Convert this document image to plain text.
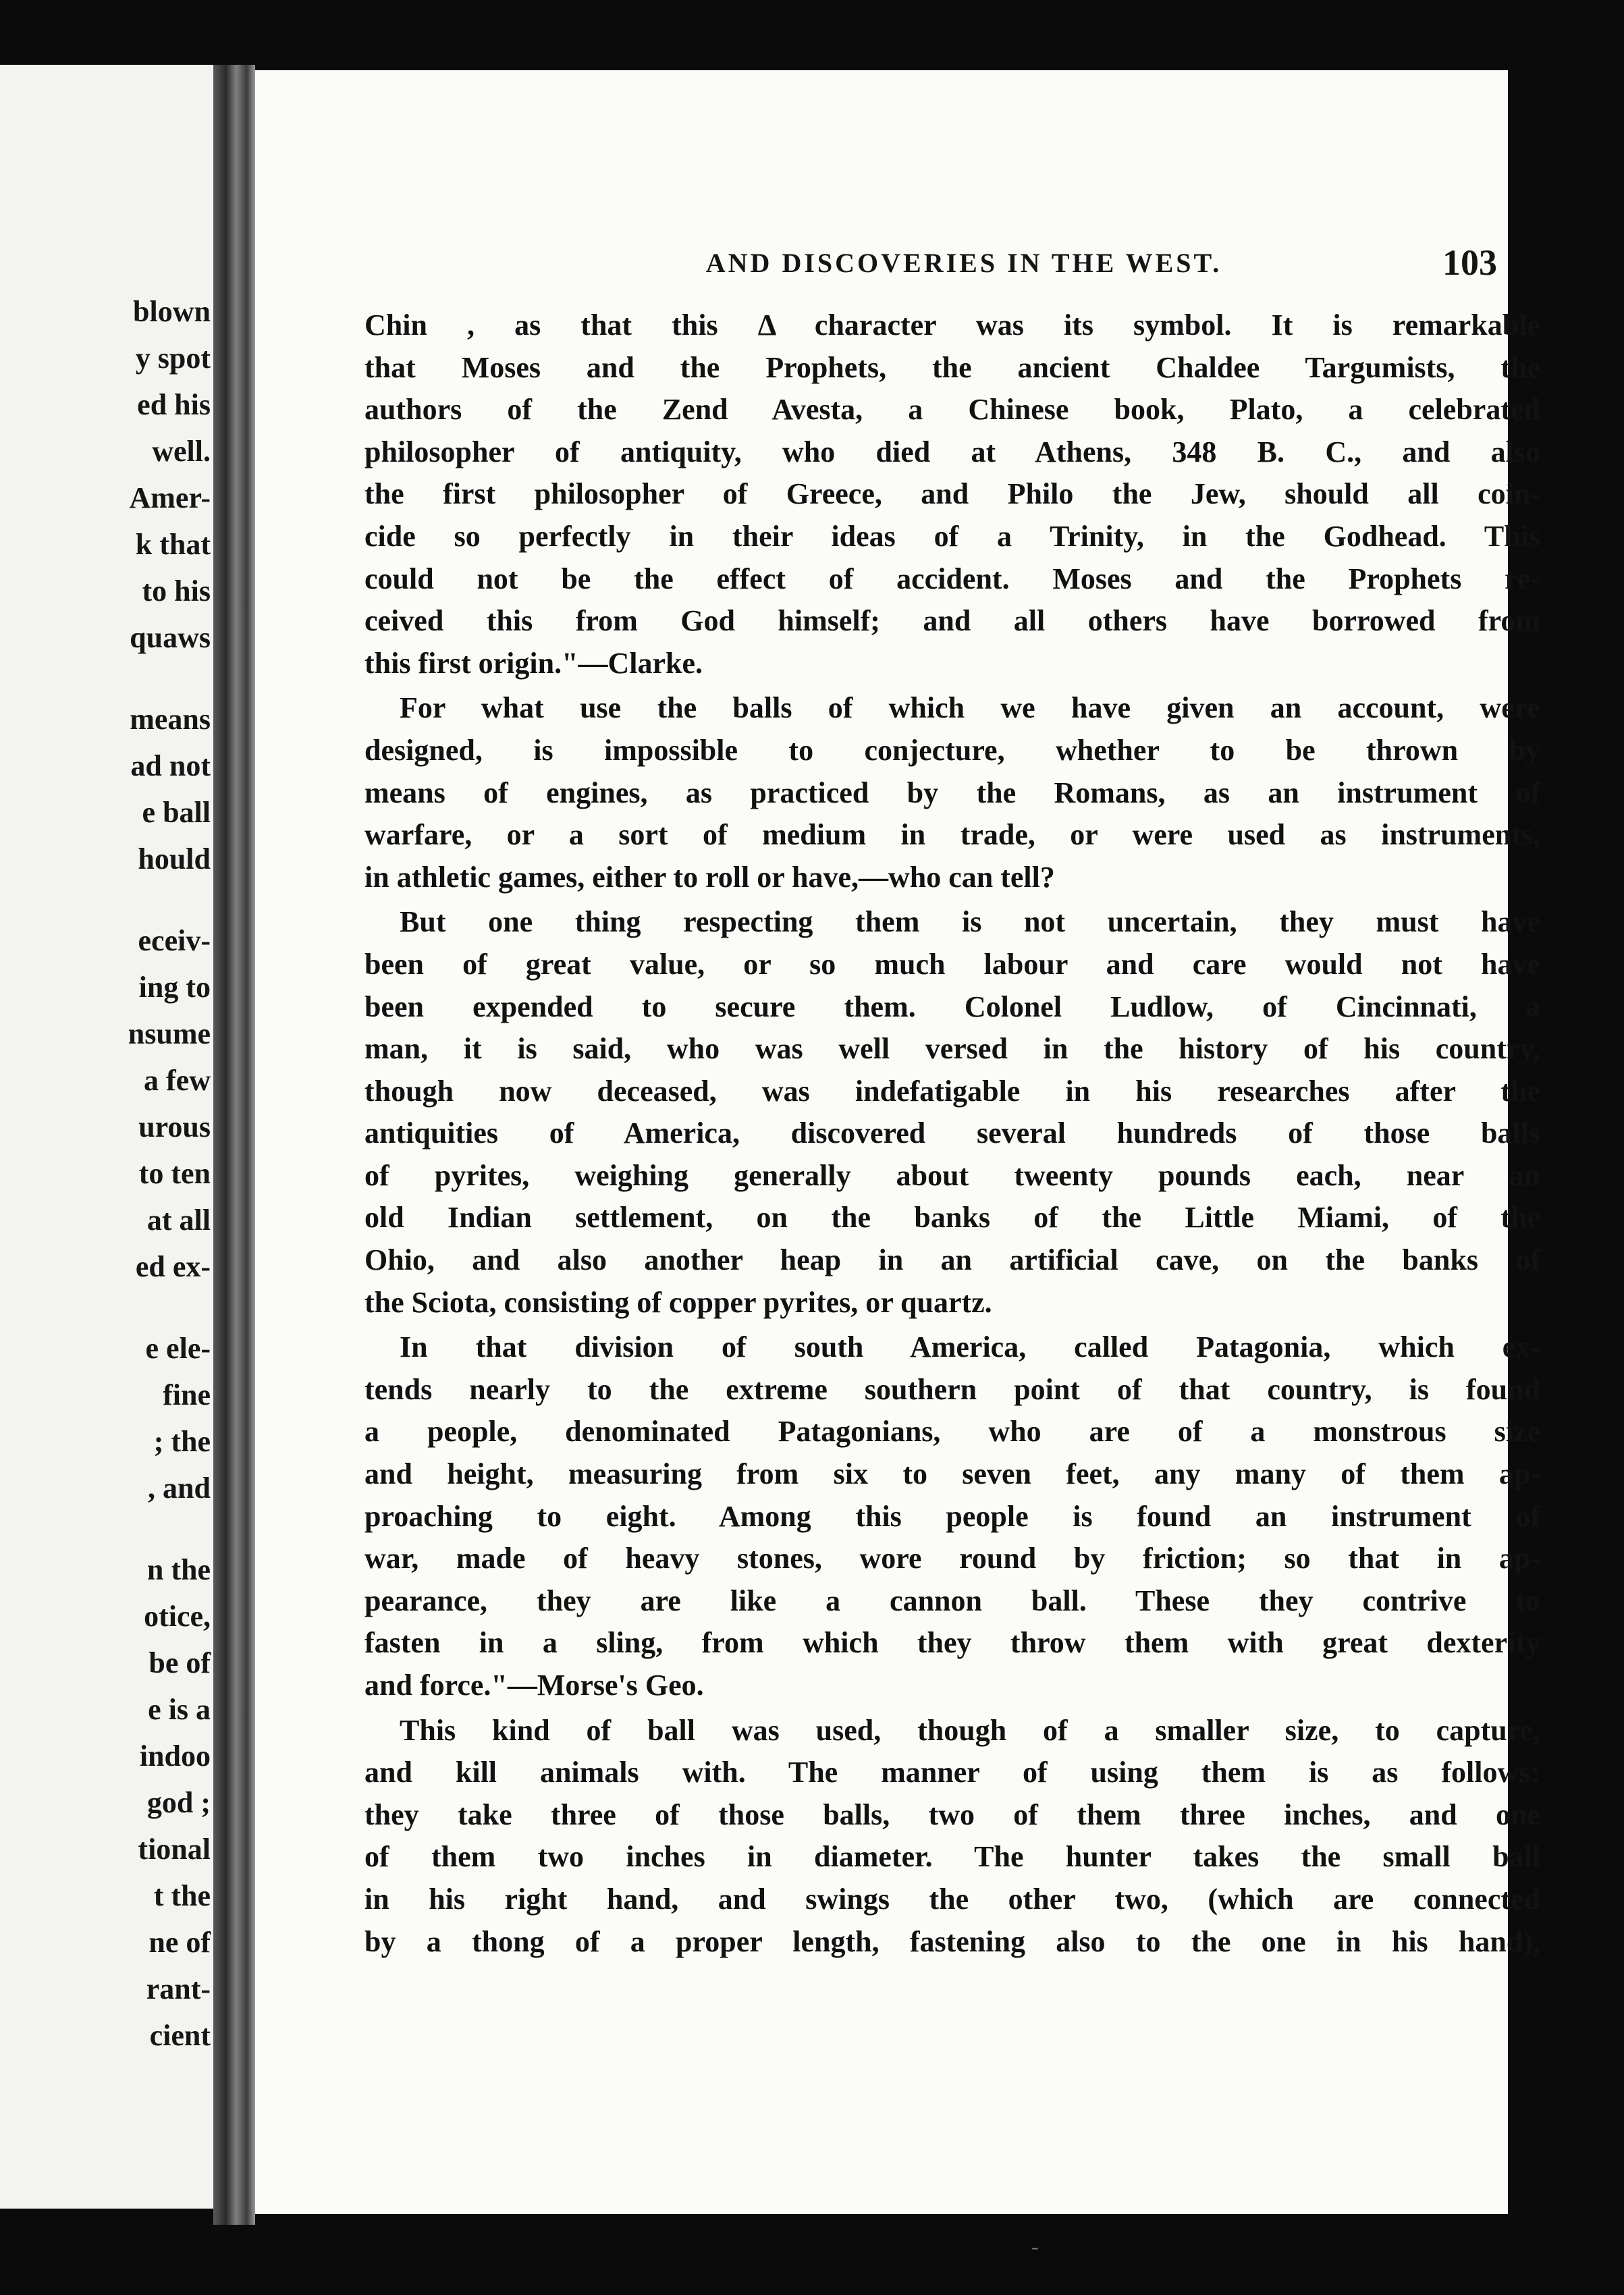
blown
y spot
ed his
well.
Amer-
k that
to his
quaws
means
ad not
e ball
hould
eceiv-
ing to
nsume
a few
urous
to ten
at all
ed ex-
e ele-
fine
; the
, and
n the
otice,
be of
e is a
indoo
god ;
tional
t the
ne of
rant-
cient
AND DISCOVERIES IN THE WEST.	103
Chin , as that this Δ character was its symbol. It is remarkable
that Moses and the Prophets, the ancient Chaldee Targumists, the
authors of the Zend Avesta, a Chinese book, Plato, a celebrated
philosopher of antiquity, who died at Athens, 348 B. C., and also
the first philosopher of Greece, and Philo the Jew, should all coin-
cide so perfectly in their ideas of a Trinity, in the Godhead. This
could not be the effect of accident. Moses and the Prophets re-
ceived this from God himself; and all others have borrowed from
this first origin."—Clarke.
For what use the balls of which we have given an account, were
designed, is impossible to conjecture, whether to be thrown by
means of engines, as practiced by the Romans, as an instrument of
warfare, or a sort of medium in trade, or were used as instruments,
in athletic games, either to roll or have,—who can tell?
But one thing respecting them is not uncertain, they must have
been of great value, or so much labour and care would not have
been expended to secure them. Colonel Ludlow, of Cincinnati, a
man, it is said, who was well versed in the history of his country,
though now deceased, was indefatigable in his researches after the
antiquities of America, discovered several hundreds of those balls
of pyrites, weighing generally about tweenty pounds each, near an
old Indian settlement, on the banks of the Little Miami, of the
Ohio, and also another heap in an artificial cave, on the banks of
the Sciota, consisting of copper pyrites, or quartz.
In that division of south America, called Patagonia, which ex-
tends nearly to the extreme southern point of that country, is found
a people, denominated Patagonians, who are of a monstrous size
and height, measuring from six to seven feet, any many of them ap-
proaching to eight. Among this people is found an instrument of
war, made of heavy stones, wore round by friction; so that in ap-
pearance, they are like a cannon ball. These they contrive to
fasten in a sling, from which they throw them with great dexterity
and force."—Morse's Geo.
This kind of ball was used, though of a smaller size, to capture,
and kill animals with. The manner of using them is as follows:
they take three of those balls, two of them three inches, and one
of them two inches in diameter. The hunter takes the small ball
in his right hand, and swings the other two, (which are connected
by a thong of a proper length, fastening also to the one in his hand),
-
